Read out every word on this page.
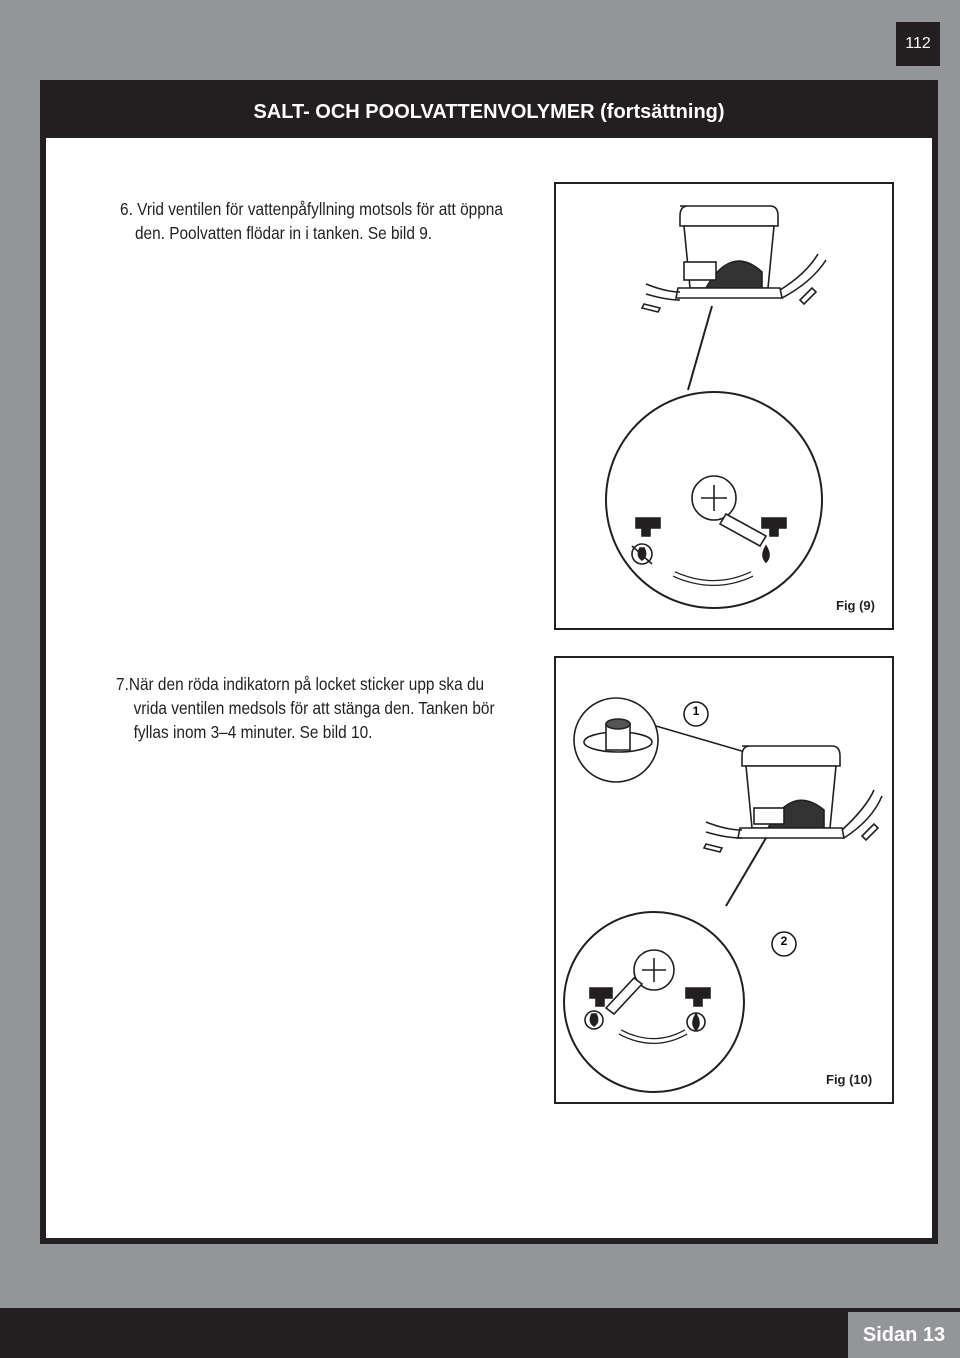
112
SALT- OCH POOLVATTENVOLYMER (fortsättning)
6. Vrid ventilen för vattenpåfyllning motsols för att öppna
den. Poolvatten flödar in i tanken. Se bild 9.
7.När den röda indikatorn på locket sticker upp ska du
vrida ventilen medsols för att stänga den. Tanken bör
fyllas inom 3–4 minuter. Se bild 10.
Fig (9)
1
2
Fig (10)
Sidan 13
